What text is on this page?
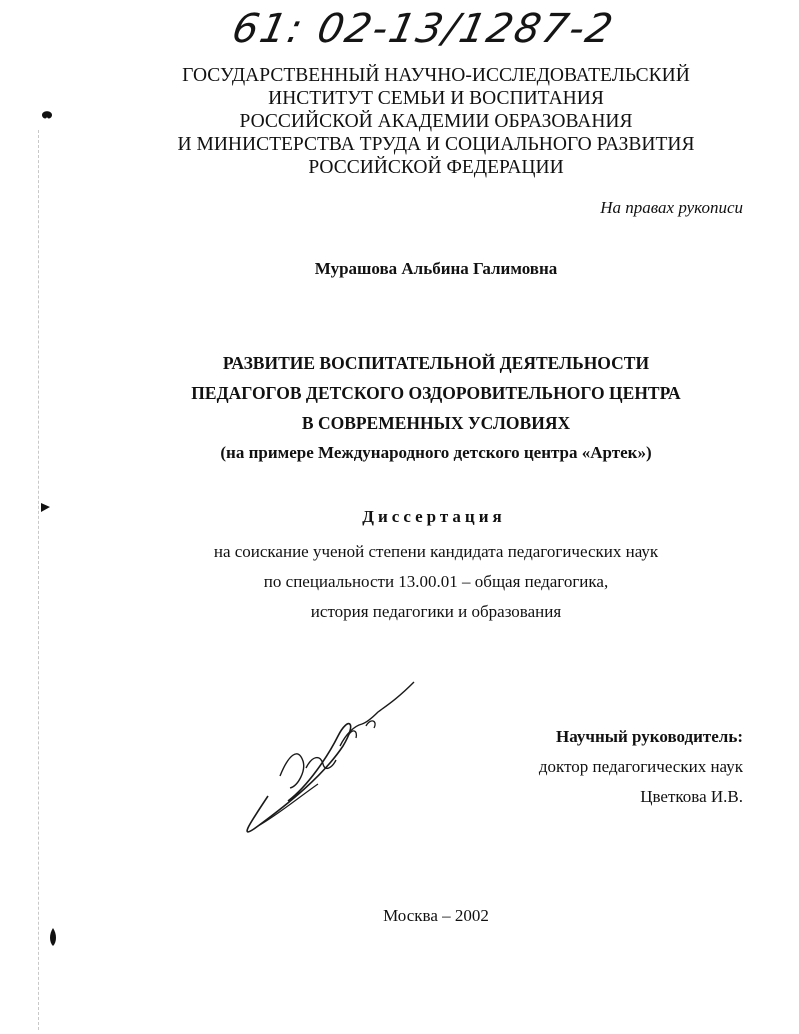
61: 02-13/1287-2
ГОСУДАРСТВЕННЫЙ НАУЧНО-ИССЛЕДОВАТЕЛЬСКИЙ
ИНСТИТУТ СЕМЬИ И ВОСПИТАНИЯ
РОССИЙСКОЙ АКАДЕМИИ ОБРАЗОВАНИЯ
И МИНИСТЕРСТВА ТРУДА И СОЦИАЛЬНОГО РАЗВИТИЯ
РОССИЙСКОЙ ФЕДЕРАЦИИ
На правах рукописи
Мурашова Альбина Галимовна
РАЗВИТИЕ ВОСПИТАТЕЛЬНОЙ ДЕЯТЕЛЬНОСТИ
ПЕДАГОГОВ ДЕТСКОГО ОЗДОРОВИТЕЛЬНОГО ЦЕНТРА
В СОВРЕМЕННЫХ УСЛОВИЯХ
(на примере Международного детского центра «Артек»)
Диссертация
на соискание ученой степени кандидата педагогических наук
по специальности 13.00.01 – общая педагогика,
история педагогики и образования
Научный руководитель:
доктор педагогических наук
Цветкова И.В.
Москва – 2002
